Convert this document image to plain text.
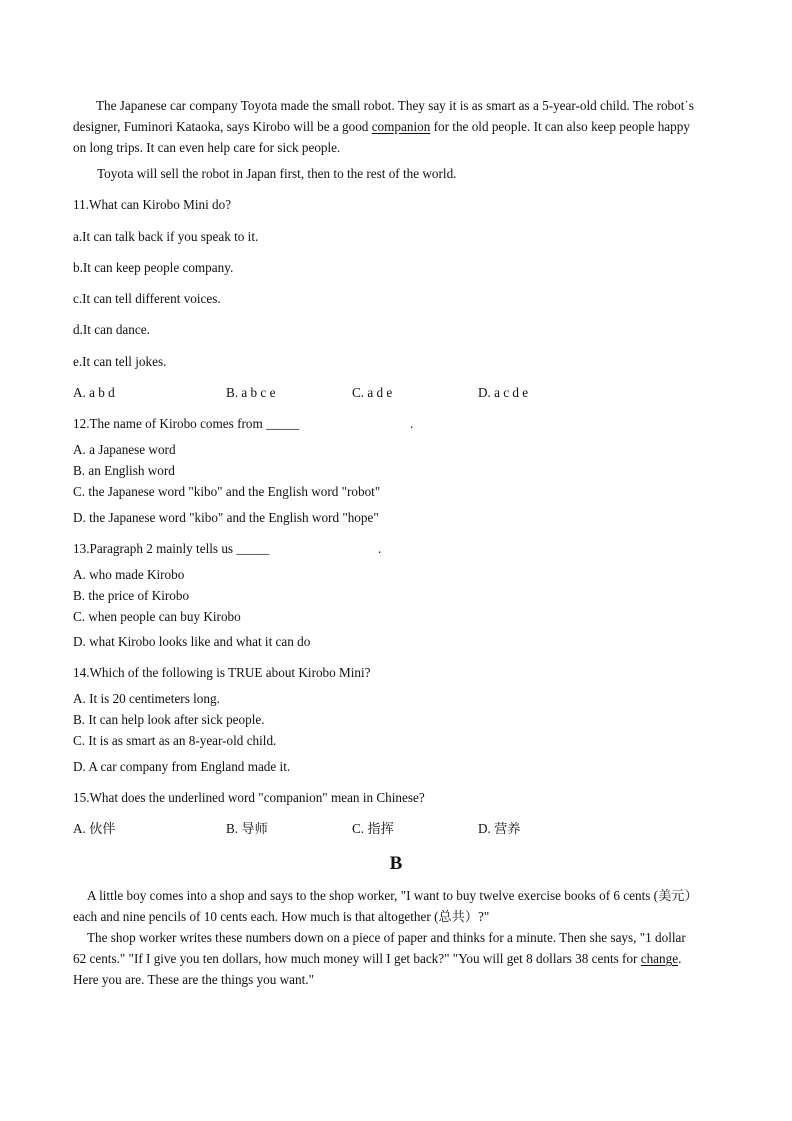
The Japanese car company Toyota made the small robot. They say it is as smart as a 5-year-old child. The robot˙s
designer, Fuminori Kataoka, says Kirobo will be a good companion for the old people. It can also keep people happy
on long trips. It can even help care for sick people.
Toyota will sell the robot in Japan first, then to the rest of the world.
11.What can Kirobo Mini do?
a.It can talk back if you speak to it.
b.It can keep people company.
c.It can tell different voices.
d.It can dance.
e.It can tell jokes.
A. a b d	B. a b c e	C. a d e	D. a c d e
12.The name of Kirobo comes from _____	.
A. a Japanese word
B. an English word
C. the Japanese word "kibo" and the English word "robot"
D. the Japanese word "kibo" and the English word "hope"
13.Paragraph 2 mainly tells us _____	.
A. who made Kirobo
B. the price of Kirobo
C. when people can buy Kirobo
D. what Kirobo looks like and what it can do
14.Which of the following is TRUE about Kirobo Mini?
A. It is 20 centimeters long.
B. It can help look after sick people.
C. It is as smart as an 8-year-old child.
D. A car company from England made it.
15.What does the underlined word "companion" mean in Chinese?
A. 伙伴	B. 导师	C. 指挥	D. 营养
B
A little boy comes into a shop and says to the shop worker, "I want to buy twelve exercise books of 6 cents (美元）
each and nine pencils of 10 cents each. How much is that altogether (总共）?"
The shop worker writes these numbers down on a piece of paper and thinks for a minute. Then she says, "1 dollar
62 cents." "If I give you ten dollars, how much money will I get back?" "You will get 8 dollars 38 cents for change.
Here you are. These are the things you want."
